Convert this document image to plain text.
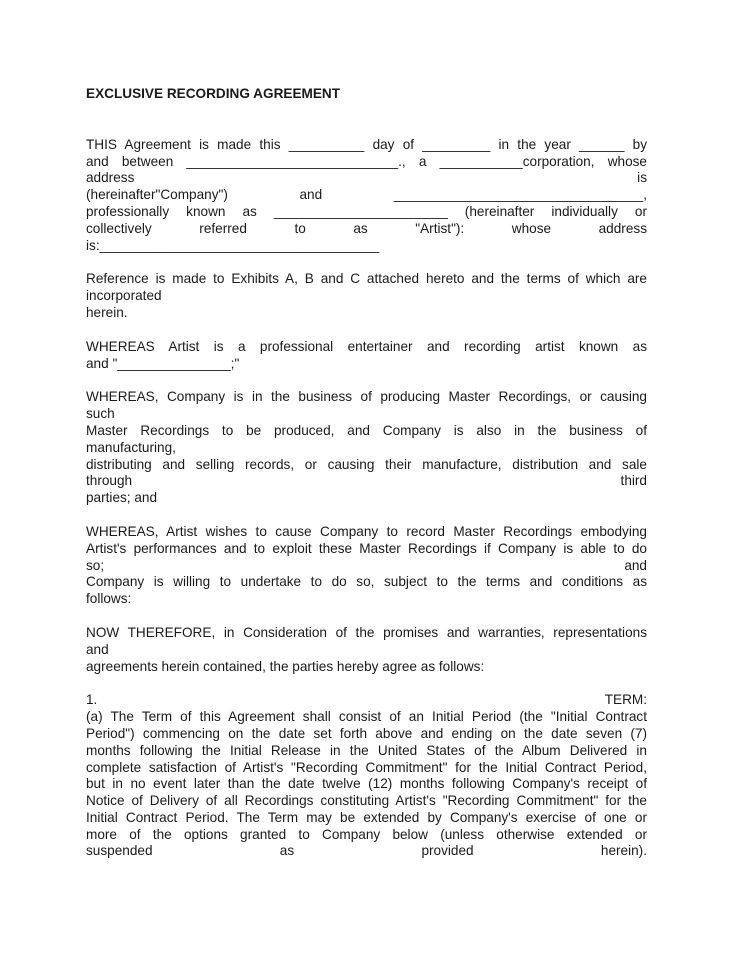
EXCLUSIVE RECORDING AGREEMENT
THIS Agreement is made this __________ day of _________ in the year ______ by
and between ____________________________., a ___________corporation, whose
address is
(hereinafter"Company") and _________________________________,
professionally known as _______________________ (hereinafter individually or
collectively referred to as "Artist"): whose address
is:_____________________________________
Reference is made to Exhibits A, B and C attached hereto and the terms of which are
incorporated
herein.
WHEREAS Artist is a professional entertainer and recording artist known as
and "_______________;"
WHEREAS, Company is in the business of producing Master Recordings, or causing
such
Master Recordings to be produced, and Company is also in the business of
manufacturing,
distributing and selling records, or causing their manufacture, distribution and sale
through third
parties; and
WHEREAS, Artist wishes to cause Company to record Master Recordings embodying
Artist's performances and to exploit these Master Recordings if Company is able to do
so; and
Company is willing to undertake to do so, subject to the terms and conditions as
follows:
NOW THEREFORE, in Consideration of the promises and warranties, representations
and
agreements herein contained, the parties hereby agree as follows:
1. TERM:
(a) The Term of this Agreement shall consist of an Initial Period (the "Initial Contract
Period") commencing on the date set forth above and ending on the date seven (7)
months following the Initial Release in the United States of the Album Delivered in
complete satisfaction of Artist's "Recording Commitment" for the Initial Contract Period,
but in no event later than the date twelve (12) months following Company's receipt of
Notice of Delivery of all Recordings constituting Artist's "Recording Commitment" for the
Initial Contract Period. The Term may be extended by Company's exercise of one or
more of the options granted to Company below (unless otherwise extended or
suspended as provided herein).
